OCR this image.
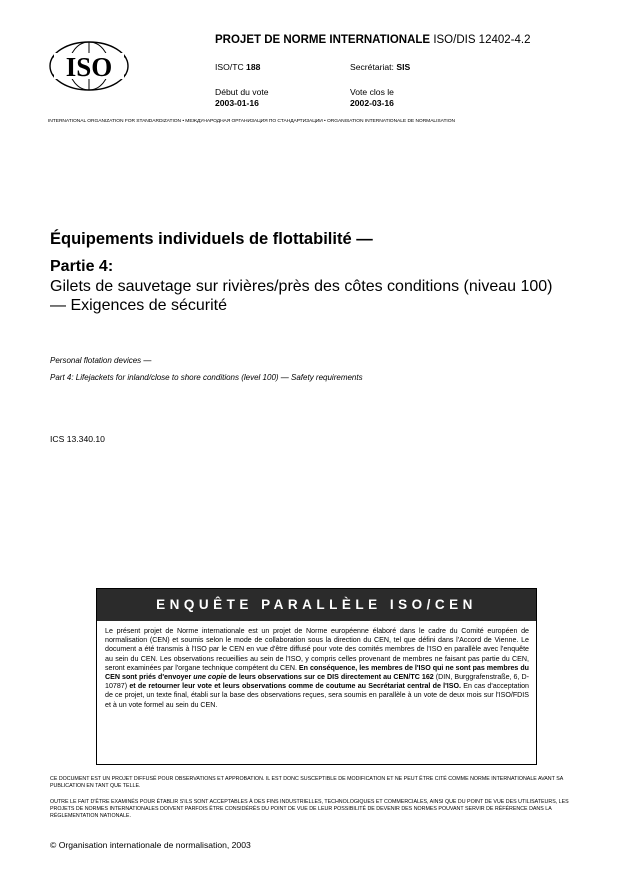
ISO
PROJET DE NORME INTERNATIONALE ISO/DIS 12402-4.2
ISO/TC 188	Secrétariat: SIS
Début du vote
2003-01-16
Vote clos le
2002-03-16
INTERNATIONAL ORGANIZATION FOR STANDARDIZATION • МЕЖДУНАРОДНАЯ ОРГАНИЗАЦИЯ ПО СТАНДАРТИЗАЦИИ • ORGANISATION INTERNATIONALE DE NORMALISATION
Équipements individuels de flottabilité —
Partie 4:
Gilets de sauvetage sur rivières/près des côtes conditions (niveau 100) — Exigences de sécurité
Personal flotation devices —
Part 4: Lifejackets for inland/close to shore conditions (level 100) — Safety requirements
ICS 13.340.10
ENQUÊTE PARALLÈLE ISO/CEN
Le présent projet de Norme internationale est un projet de Norme européenne élaboré dans le cadre du Comité européen de normalisation (CEN) et soumis selon le mode de collaboration sous la direction du CEN, tel que défini dans l'Accord de Vienne. Le document a été transmis à l'ISO par le CEN en vue d'être diffusé pour vote des comités membres de l'ISO en parallèle avec l'enquête au sein du CEN. Les observations recueillies au sein de l'ISO, y compris celles provenant de membres ne faisant pas partie du CEN, seront examinées par l'organe technique compétent du CEN. En conséquence, les membres de l'ISO qui ne sont pas membres du CEN sont priés d'envoyer une copie de leurs observations sur ce DIS directement au CEN/TC 162 (DIN, Burggrafenstraße, 6, D-10787) et de retourner leur vote et leurs observations comme de coutume au Secrétariat central de l'ISO. En cas d'acceptation de ce projet, un texte final, établi sur la base des observations reçues, sera soumis en parallèle à un vote de deux mois sur l'ISO/FDIS et à un vote formel au sein du CEN.
CE DOCUMENT EST UN PROJET DIFFUSÉ POUR OBSERVATIONS ET APPROBATION. IL EST DONC SUSCEPTIBLE DE MODIFICATION ET NE PEUT ÊTRE CITÉ COMME NORME INTERNATIONALE AVANT SA PUBLICATION EN TANT QUE TELLE.
OUTRE LE FAIT D'ÊTRE EXAMINÉS POUR ÉTABLIR S'ILS SONT ACCEPTABLES À DES FINS INDUSTRIELLES, TECHNOLOGIQUES ET COMMERCIALES, AINSI QUE DU POINT DE VUE DES UTILISATEURS, LES PROJETS DE NORMES INTERNATIONALES DOIVENT PARFOIS ÊTRE CONSIDÉRÉS DU POINT DE VUE DE LEUR POSSIBILITÉ DE DEVENIR DES NORMES POUVANT SERVIR DE RÉFÉRENCE DANS LA RÉGLEMENTATION NATIONALE.
© Organisation internationale de normalisation, 2003
